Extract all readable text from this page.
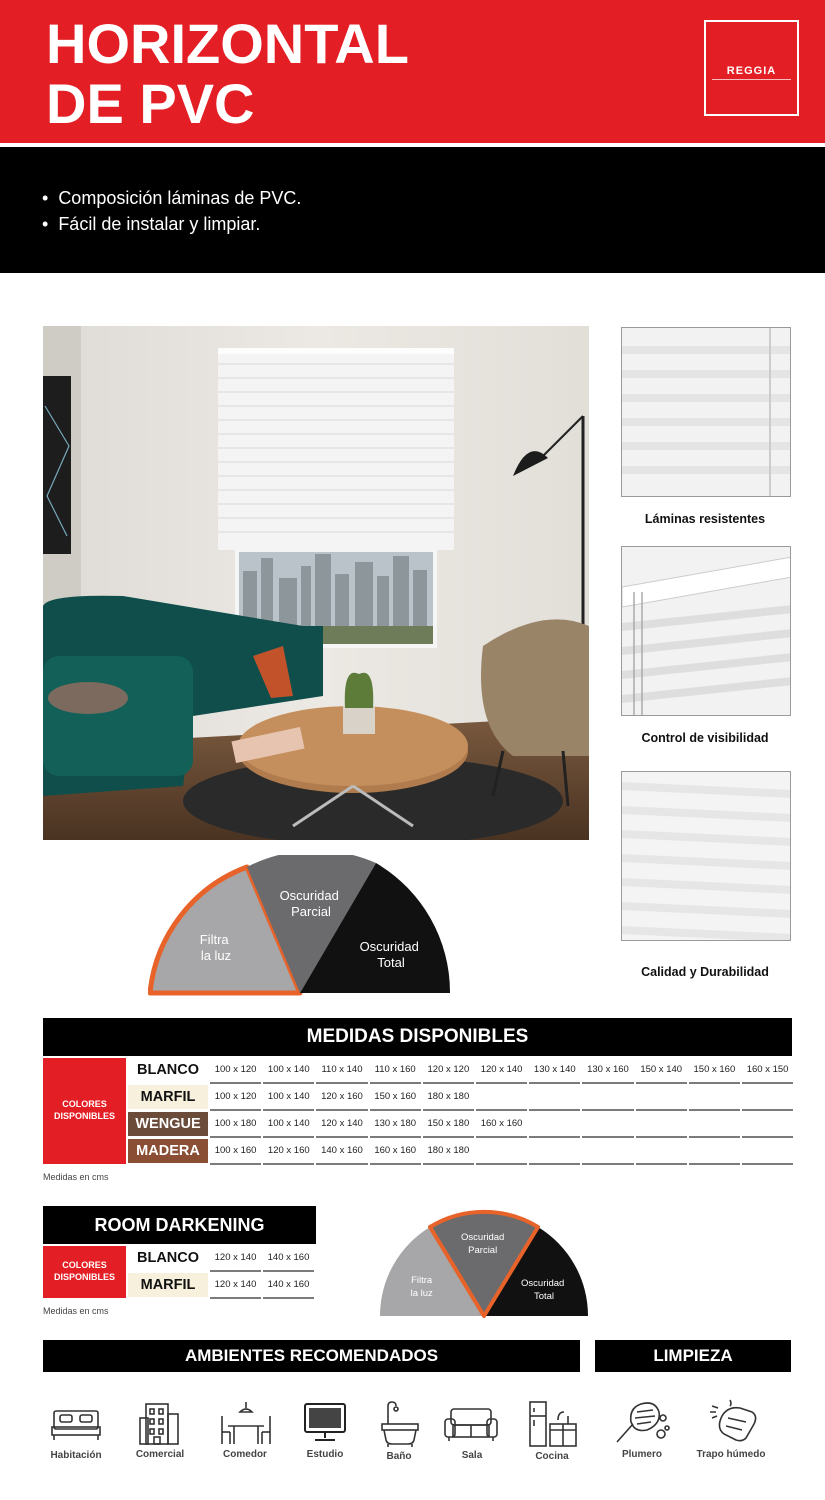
HORIZONTAL
DE PVC
REGGIA
• Composición láminas de PVC.
• Fácil de instalar y limpiar.
Láminas resistentes
Control de visibilidad
Calidad y Durabilidad
Filtra la luz
Oscuridad Parcial
Oscuridad Total
MEDIDAS DISPONIBLES
COLORES
DISPONIBLES
BLANCO	100 x 120	100 x 140	110 x 140	110 x 160	120 x 120	120 x 140	130 x 140	130 x 160	150 x 140	150 x 160	160 x 150
MARFIL	100 x 120	100 x 140	120 x 160	150 x 160	180 x 180
WENGUE	100 x 180	100 x 140	120 x 140	130 x 180	150 x 180	160 x 160
MADERA	100 x 160	120 x 160	140 x 160	160 x 160	180 x 180
Medidas en cms
ROOM DARKENING
COLORES
DISPONIBLES
BLANCO	120 x 140	140 x 160
MARFIL	120 x 140	140 x 160
Medidas en cms
Filtra la luz Oscuridad Parcial Oscuridad Total
AMBIENTES RECOMENDADOS	LIMPIEZA
Habitación	Comercial	Comedor	Estudio	Baño	Sala	Cocina	Plumero	Trapo húmedo
